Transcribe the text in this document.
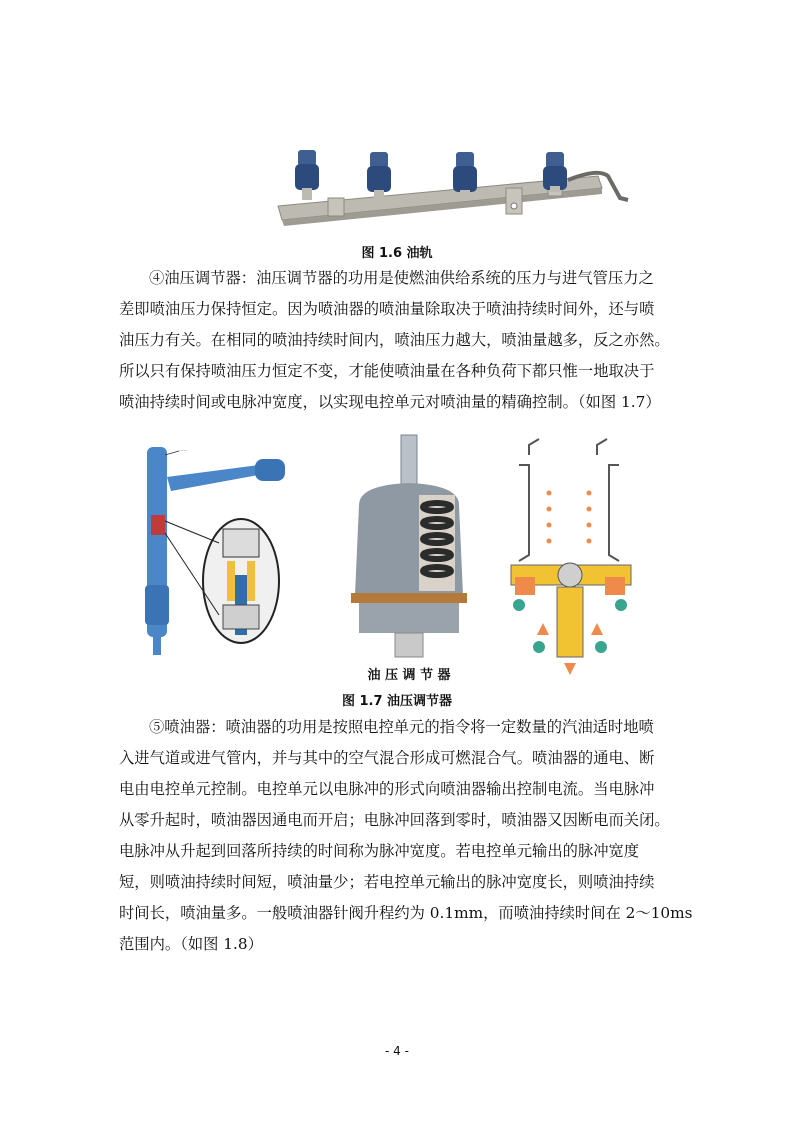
图 1.6 油轨
④油压调节器：油压调节器的功用是使燃油供给系统的压力与进气管压力之
差即喷油压力保持恒定。因为喷油器的喷油量除取决于喷油持续时间外，还与喷
油压力有关。在相同的喷油持续时间内，喷油压力越大，喷油量越多，反之亦然。
所以只有保持喷油压力恒定不变，才能使喷油量在各种负荷下都只惟一地取决于
喷油持续时间或电脉冲宽度，以实现电控单元对喷油量的精确控制。（如图 1.7）
·····
油 压 调 节 器
图 1.7 油压调节器
⑤喷油器：喷油器的功用是按照电控单元的指令将一定数量的汽油适时地喷
入进气道或进气管内，并与其中的空气混合形成可燃混合气。喷油器的通电、断
电由电控单元控制。电控单元以电脉冲的形式向喷油器输出控制电流。当电脉冲
从零升起时，喷油器因通电而开启；电脉冲回落到零时，喷油器又因断电而关闭。
电脉冲从升起到回落所持续的时间称为脉冲宽度。若电控单元输出的脉冲宽度
短，则喷油持续时间短，喷油量少；若电控单元输出的脉冲宽度长，则喷油持续
时间长，喷油量多。一般喷油器针阀升程约为 0.1mm，而喷油持续时间在 2～10ms
范围内。（如图 1.8）
- 4 -
